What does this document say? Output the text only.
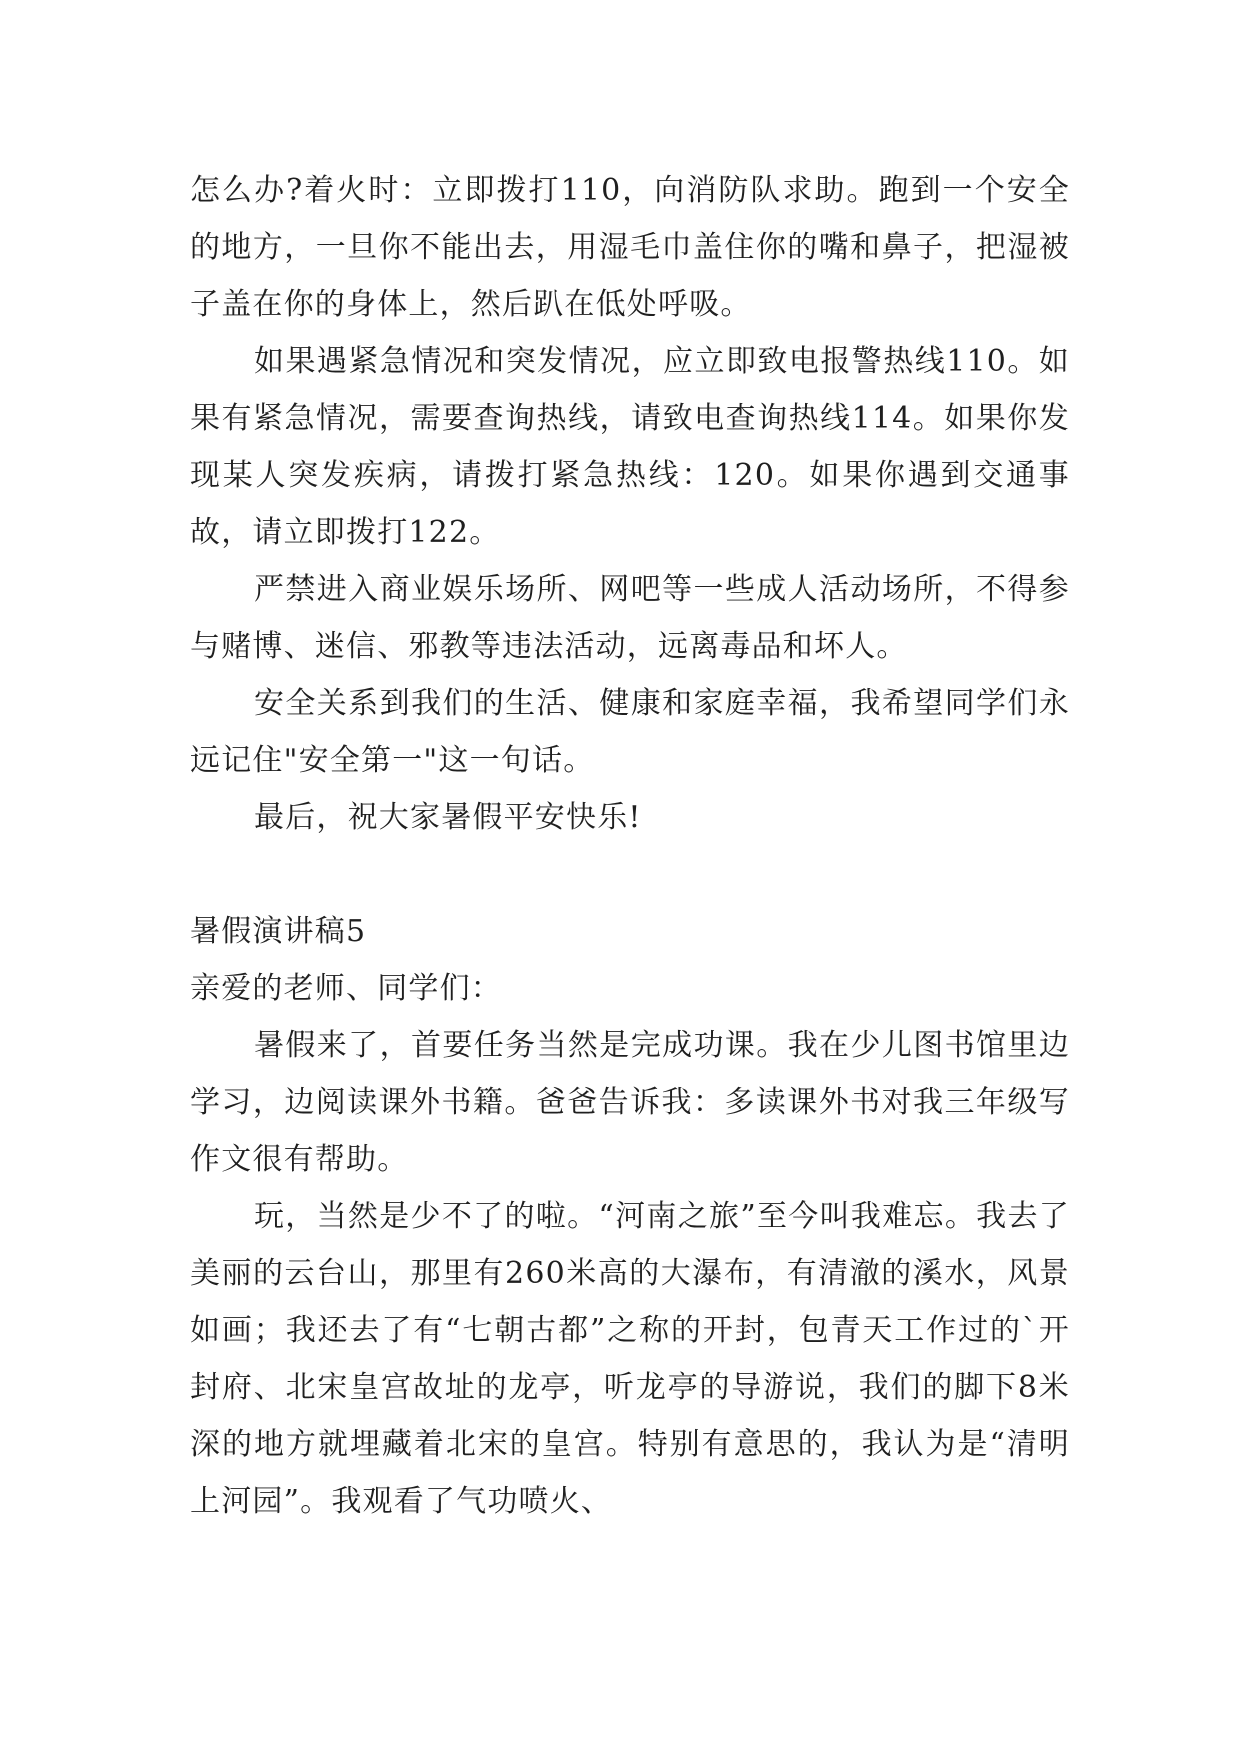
怎么办?着火时：立即拨打110，向消防队求助。跑到一个安全的地方，一旦你不能出去，用湿毛巾盖住你的嘴和鼻子，把湿被子盖在你的身体上，然后趴在低处呼吸。

如果遇紧急情况和突发情况，应立即致电报警热线110。如果有紧急情况，需要查询热线，请致电查询热线114。如果你发现某人突发疾病，请拨打紧急热线：120。如果你遇到交通事故，请立即拨打122。

严禁进入商业娱乐场所、网吧等一些成人活动场所，不得参与赌博、迷信、邪教等违法活动，远离毒品和坏人。

安全关系到我们的生活、健康和家庭幸福，我希望同学们永远记住"安全第一"这一句话。

最后，祝大家暑假平安快乐!

暑假演讲稿5

亲爱的老师、同学们：

暑假来了，首要任务当然是完成功课。我在少儿图书馆里边学习，边阅读课外书籍。爸爸告诉我：多读课外书对我三年级写作文很有帮助。

玩，当然是少不了的啦。“河南之旅”至今叫我难忘。我去了美丽的云台山，那里有260米高的大瀑布，有清澈的溪水，风景如画；我还去了有“七朝古都”之称的开封，包青天工作过的`开封府、北宋皇宫故址的龙亭，听龙亭的导游说，我们的脚下8米深的地方就埋藏着北宋的皇宫。特别有意思的，我认为是“清明上河园”。我观看了气功喷火、
